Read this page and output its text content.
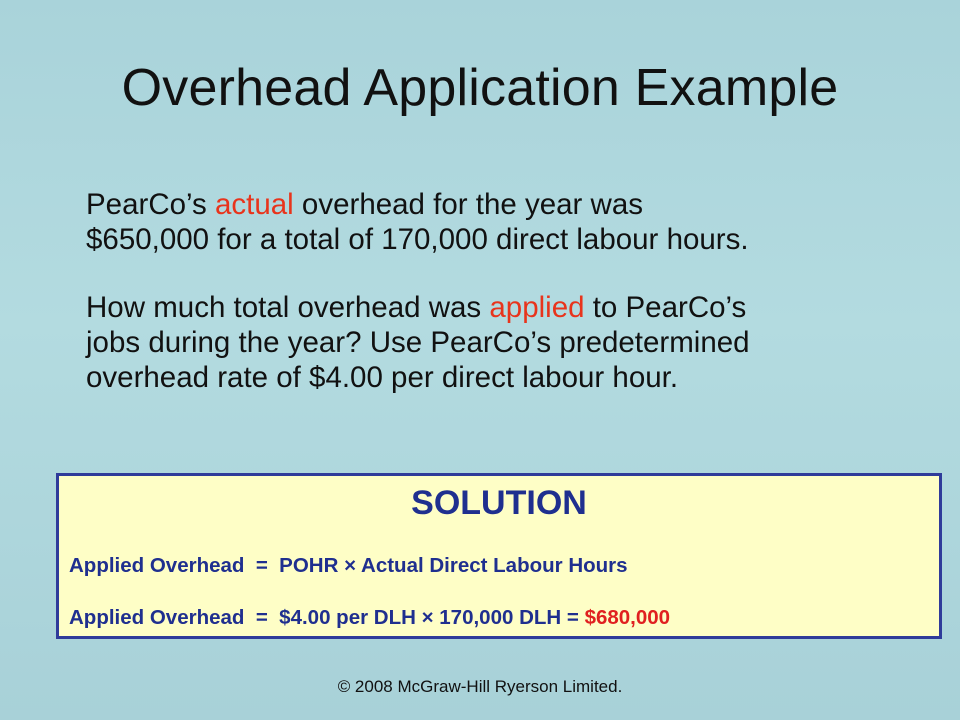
Overhead Application Example
PearCo’s actual overhead for the year was
$650,000 for a total of 170,000 direct labour hours.
How much total overhead was applied to PearCo’s
jobs during the year? Use PearCo’s predetermined
overhead rate of $4.00 per direct labour hour.
SOLUTION
Applied Overhead  =  POHR × Actual Direct Labour Hours
Applied Overhead  =  $4.00 per DLH × 170,000 DLH = $680,000
© 2008 McGraw-Hill Ryerson Limited.
